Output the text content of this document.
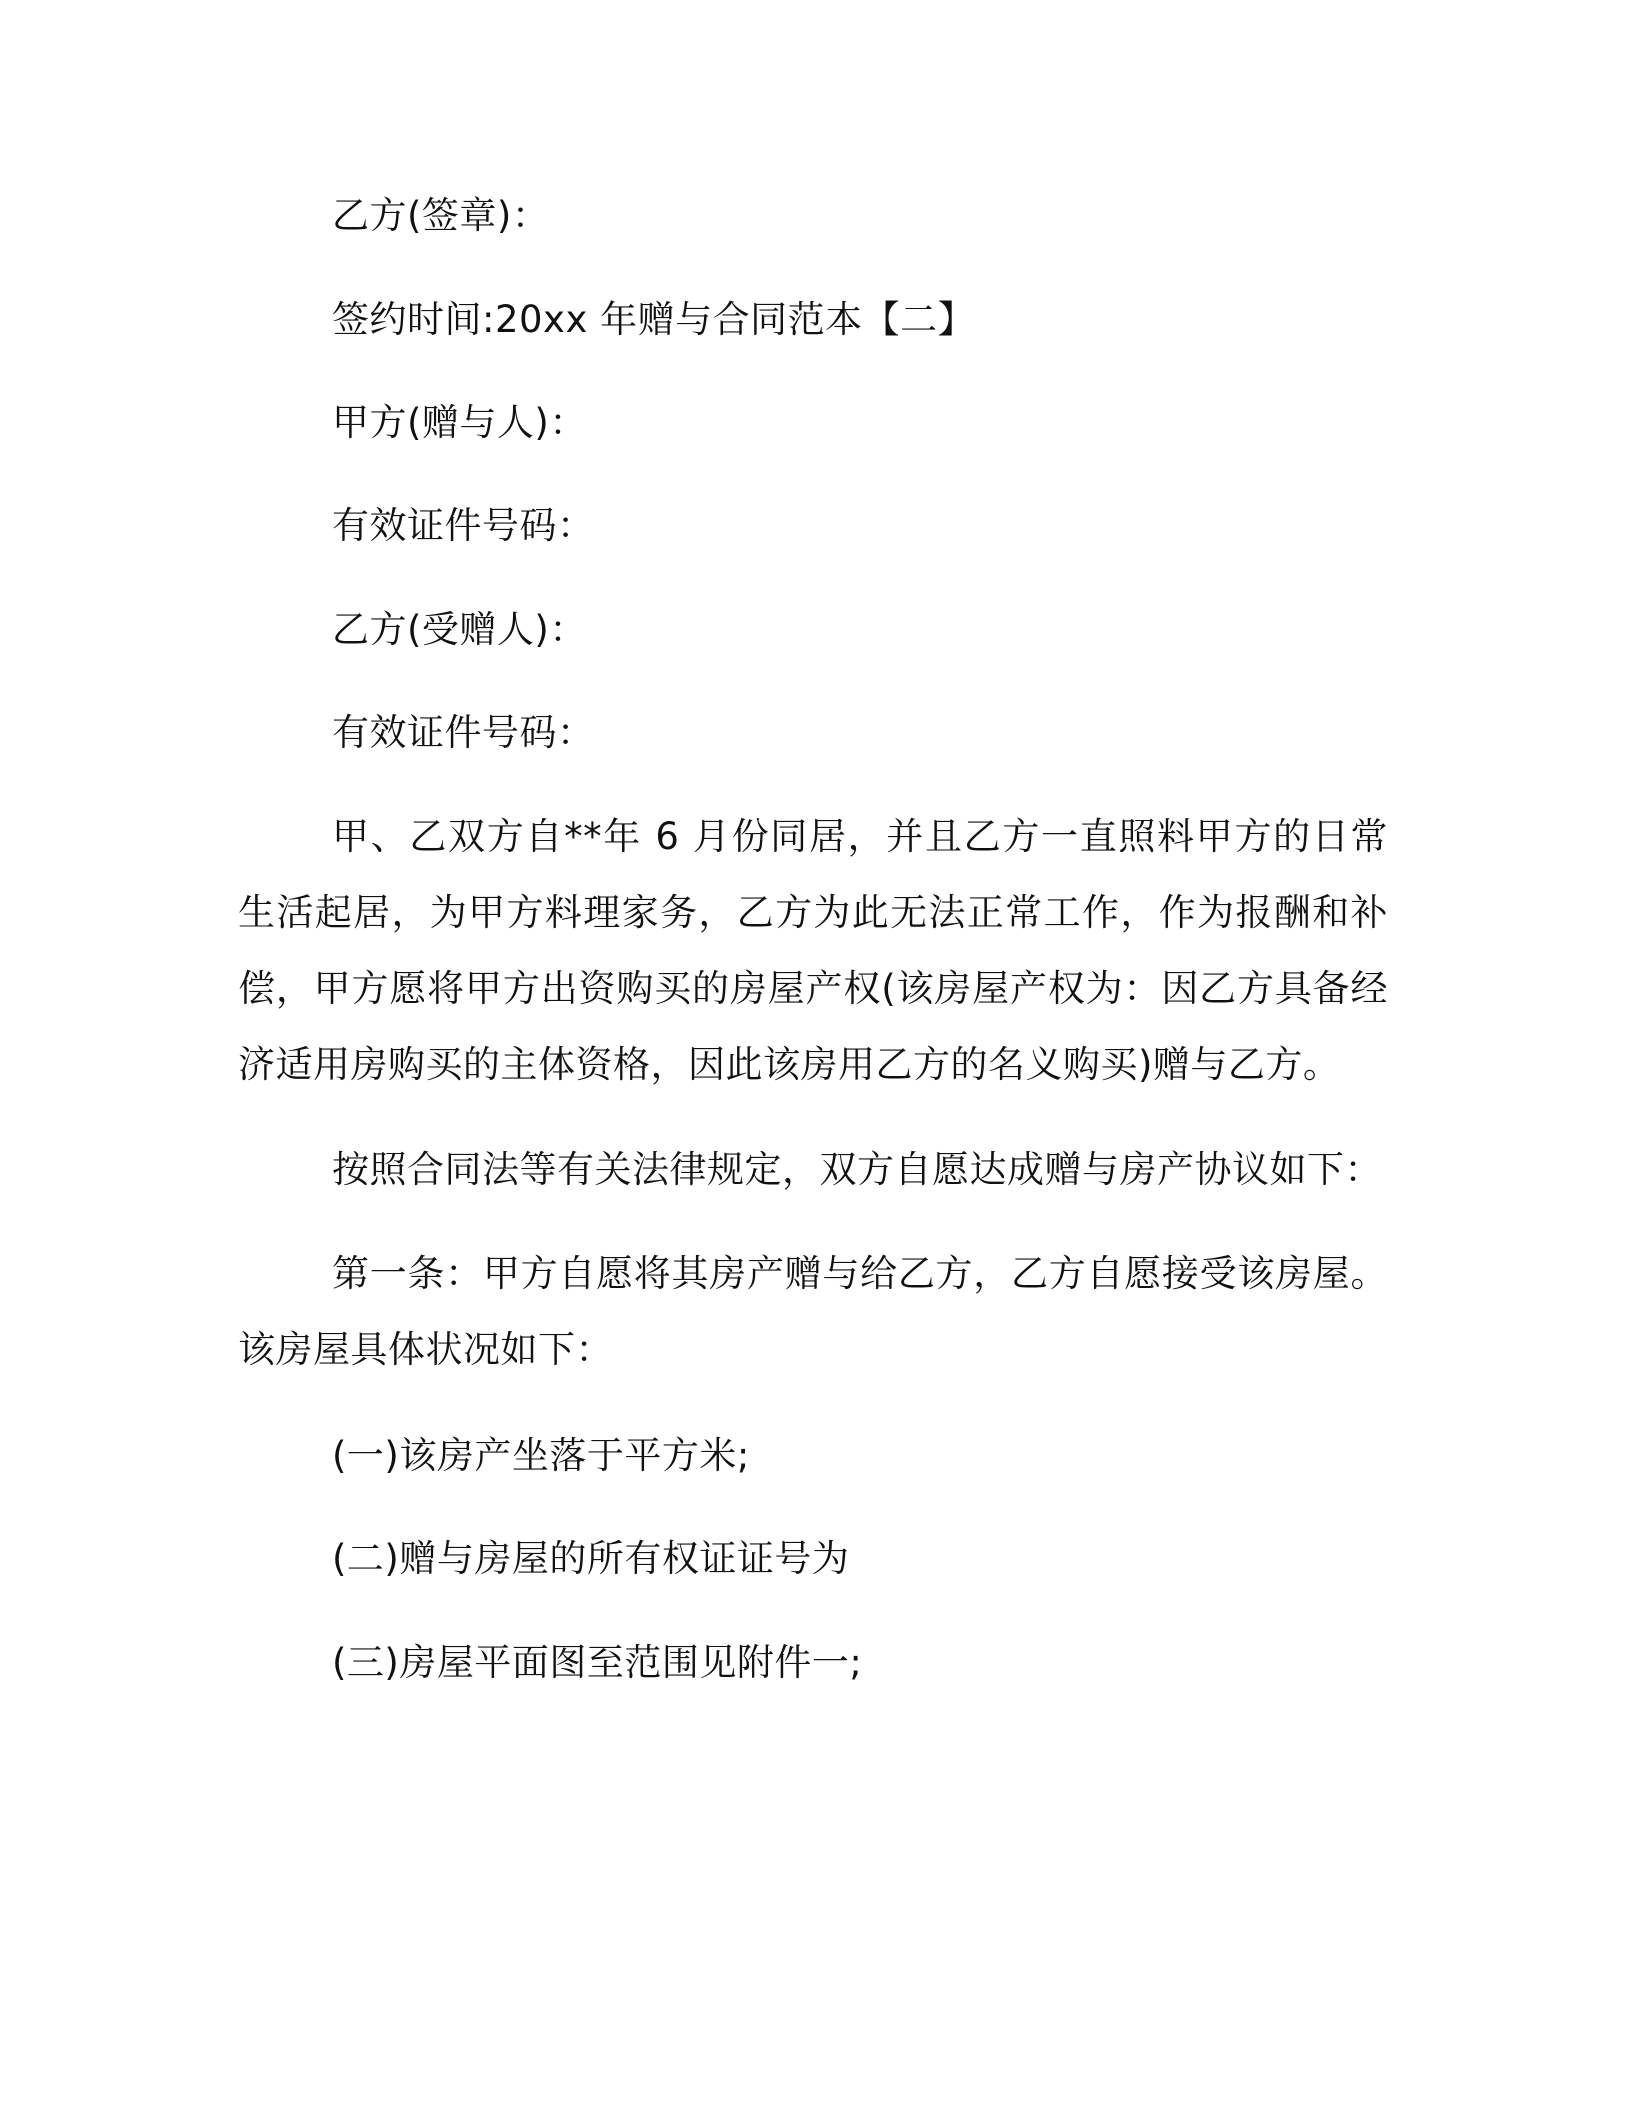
乙方(签章)：
签约时间:20xx 年赠与合同范本【二】
甲方(赠与人)：
有效证件号码：
乙方(受赠人)：
有效证件号码：
甲、乙双方自**年 6 月份同居，并且乙方一直照料甲方的日常生活起居，为甲方料理家务，乙方为此无法正常工作，作为报酬和补偿，甲方愿将甲方出资购买的房屋产权(该房屋产权为：因乙方具备经济适用房购买的主体资格，因此该房用乙方的名义购买)赠与乙方。
按照合同法等有关法律规定，双方自愿达成赠与房产协议如下：
第一条：甲方自愿将其房产赠与给乙方，乙方自愿接受该房屋。该房屋具体状况如下：
(一)该房产坐落于平方米;
(二)赠与房屋的所有权证证号为
(三)房屋平面图至范围见附件一;
